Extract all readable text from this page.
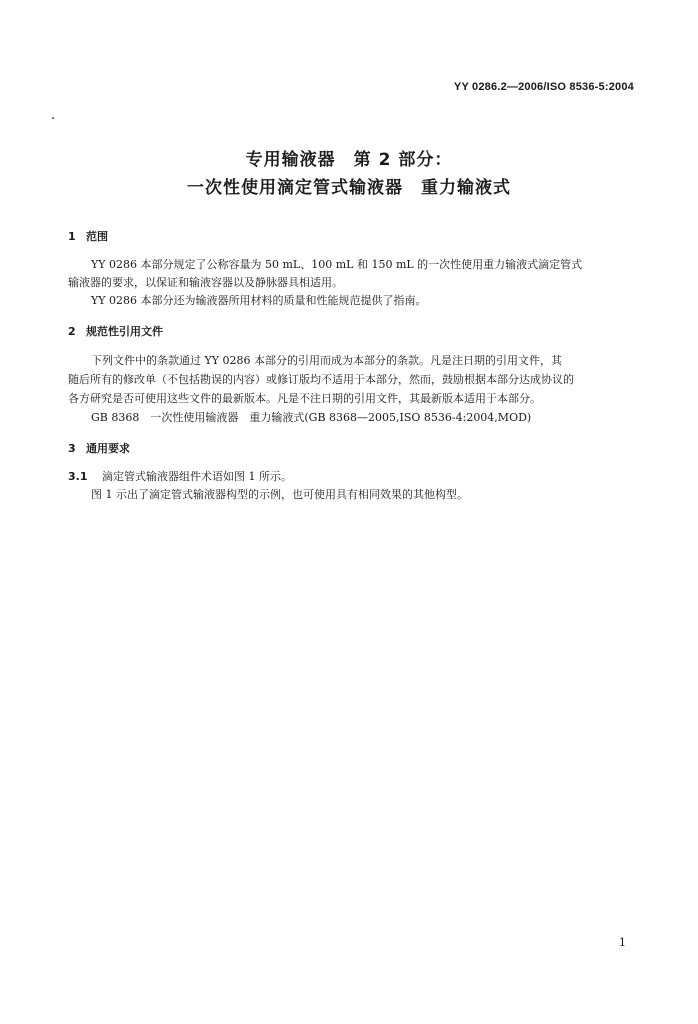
YY 0286.2—2006/ISO 8536-5:2004
专用输液器　第 2 部分：
一次性使用滴定管式输液器　重力输液式
1 范围
YY 0286 本部分规定了公称容量为 50 mL、100 mL 和 150 mL 的一次性使用重力输液式滴定管式
输液器的要求，以保证和输液容器以及静脉器具相适用。
YY 0286 本部分还为输液器所用材料的质量和性能规范提供了指南。
2 规范性引用文件
下列文件中的条款通过 YY 0286 本部分的引用而成为本部分的条款。凡是注日期的引用文件，其
随后所有的修改单（不包括勘误的内容）或修订版均不适用于本部分，然而，鼓励根据本部分达成协议的
各方研究是否可使用这些文件的最新版本。凡是不注日期的引用文件，其最新版本适用于本部分。
GB 8368　一次性使用输液器　重力输液式(GB 8368—2005,ISO 8536-4:2004,MOD)
3 通用要求
3.1 滴定管式输液器组件术语如图 1 所示。
图 1 示出了滴定管式输液器构型的示例，也可使用具有相同效果的其他构型。
1
